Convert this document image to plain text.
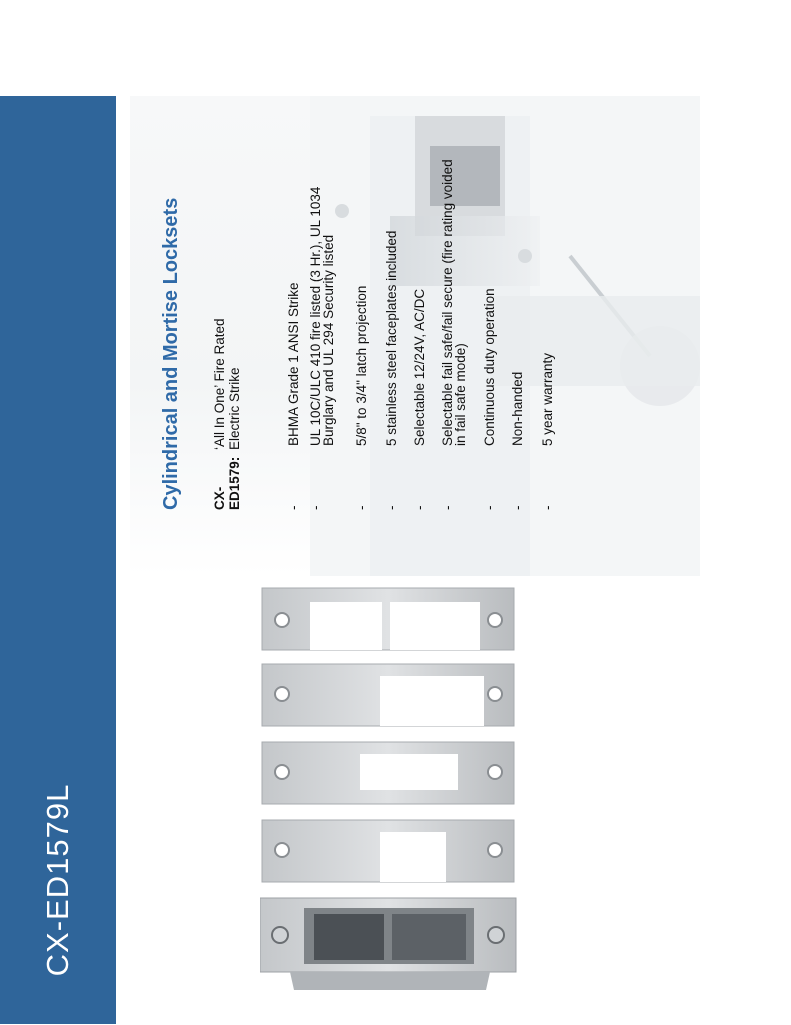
CX-ED1579L
Cylindrical and Mortise Locksets CX-ED1579:‘All In One’ Fire Rated Electric Strike
-
BHMA Grade 1 ANSI Strike
-
UL 10C/ULC 410 fire listed (3 Hr.), UL 1034 Burglary and UL 294 Security listed
-
5/8" to 3/4" latch projection
-
5 stainless steel faceplates included
-
Selectable 12/24V, AC/DC
-
Selectable fail safe/fail secure (fire rating voided in fail safe mode)
-
Continuous duty operation
-
Non-handed
-
5 year warranty
